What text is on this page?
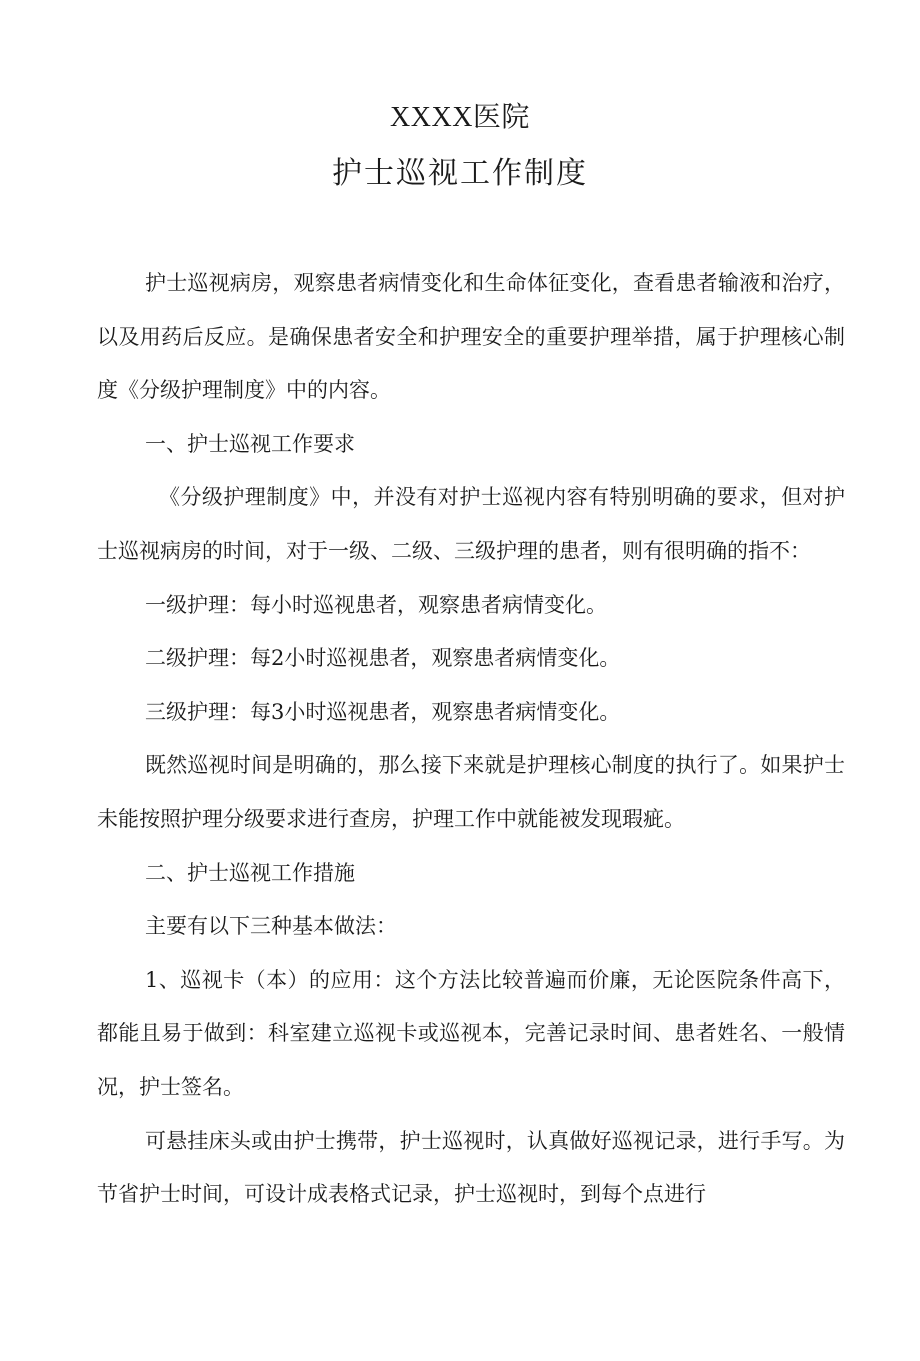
XXXX医院
护士巡视工作制度

护士巡视病房，观察患者病情变化和生命体征变化，查看患者输液和治疗，以及用药后反应。是确保患者安全和护理安全的重要护理举措，属于护理核心制度《分级护理制度》中的内容。

一、护士巡视工作要求

《分级护理制度》中，并没有对护士巡视内容有特别明确的要求，但对护士巡视病房的时间，对于一级、二级、三级护理的患者，则有很明确的指不：

一级护理：每小时巡视患者，观察患者病情变化。

二级护理：每2小时巡视患者，观察患者病情变化。

三级护理：每3小时巡视患者，观察患者病情变化。

既然巡视时间是明确的，那么接下来就是护理核心制度的执行了。如果护士未能按照护理分级要求进行查房，护理工作中就能被发现瑕疵。

二、护士巡视工作措施

主要有以下三种基本做法：

1、巡视卡（本）的应用：这个方法比较普遍而价廉，无论医院条件高下，都能且易于做到：科室建立巡视卡或巡视本，完善记录时间、患者姓名、一般情况，护士签名。

可悬挂床头或由护士携带，护士巡视时，认真做好巡视记录，进行手写。为节省护士时间，可设计成表格式记录，护士巡视时，到每个点进行
